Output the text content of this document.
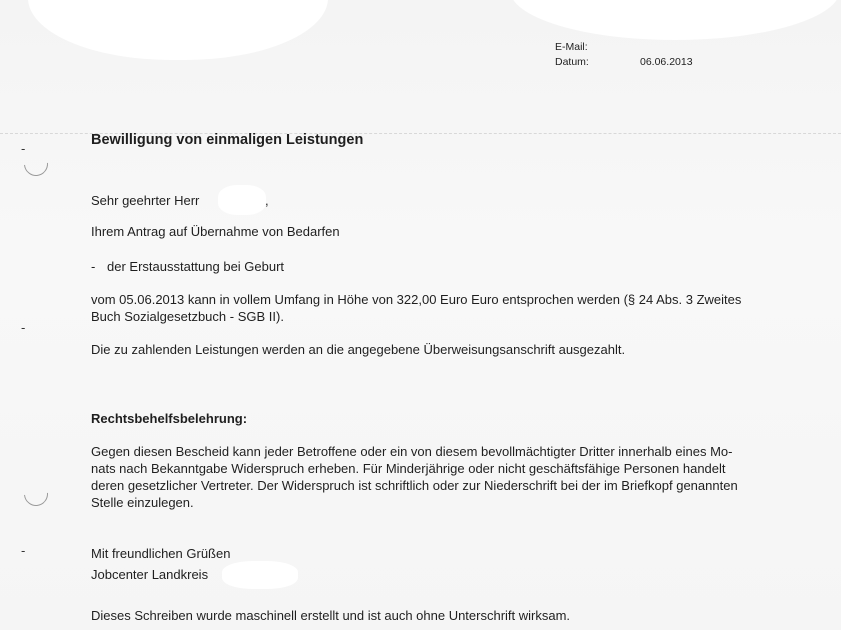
E-Mail:
Datum:	06.06.2013
-
-
-
Bewilligung von einmaligen Leistungen
Sehr geehrter Herr	,
Ihrem Antrag auf Übernahme von Bedarfen
- der Erstausstattung bei Geburt
vom 05.06.2013 kann in vollem Umfang in Höhe von 322,00 Euro Euro entsprochen werden (§ 24 Abs. 3 Zweites
Buch Sozialgesetzbuch - SGB II).
Die zu zahlenden Leistungen werden an die angegebene Überweisungsanschrift ausgezahlt.
Rechtsbehelfsbelehrung:
Gegen diesen Bescheid kann jeder Betroffene oder ein von diesem bevollmächtigter Dritter innerhalb eines Mo-
nats nach Bekanntgabe Widerspruch erheben. Für Minderjährige oder nicht geschäftsfähige Personen handelt
deren gesetzlicher Vertreter. Der Widerspruch ist schriftlich oder zur Niederschrift bei der im Briefkopf genannten
Stelle einzulegen.
Mit freundlichen Grüßen
Jobcenter Landkreis
Dieses Schreiben wurde maschinell erstellt und ist auch ohne Unterschrift wirksam.
